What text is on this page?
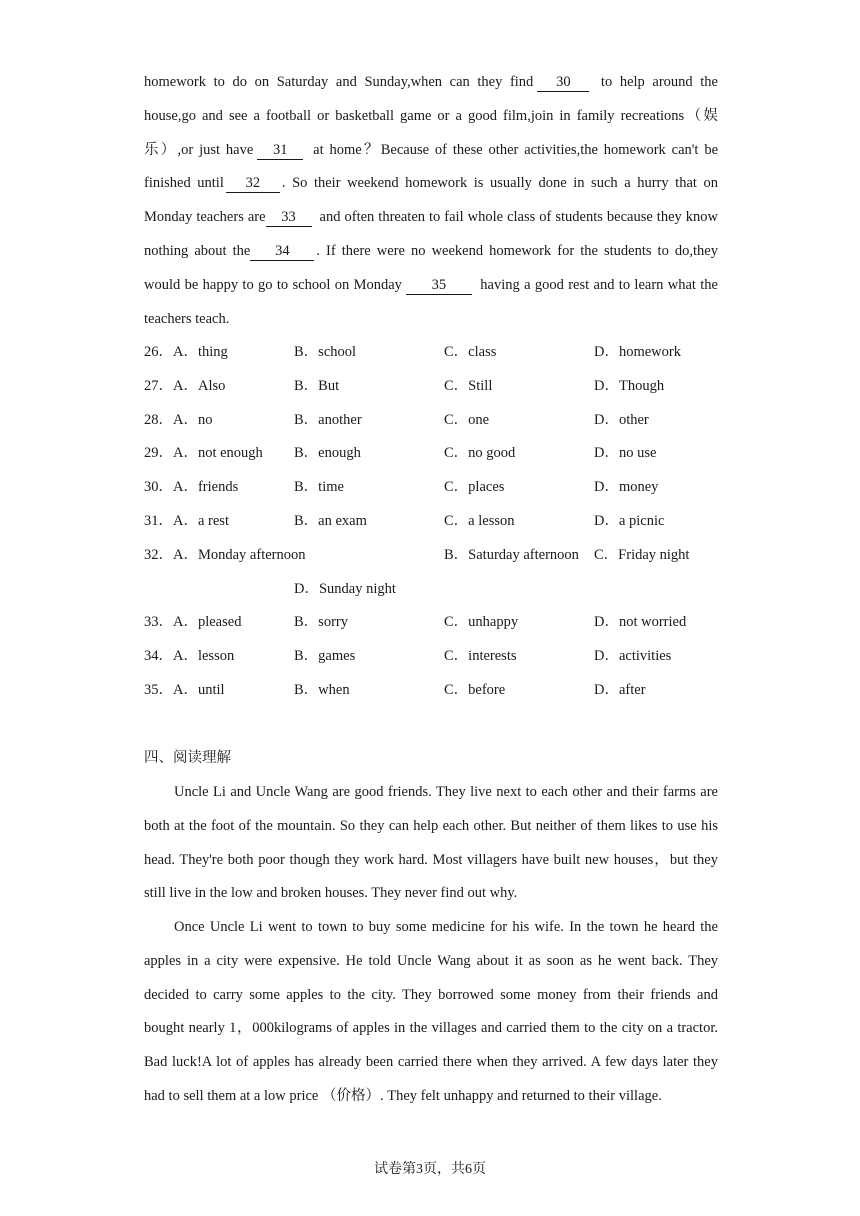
homework to do on Saturday and Sunday,when can they find 30 to help around the house,go and see a football or basketball game or a good film,join in family recreations（娱乐）,or just have 31 at home？Because of these other activities,the homework can't be finished until 32 . So their weekend homework is usually done in such a hurry that on Monday teachers are 33 and often threaten to fail whole class of students because they know nothing about the 34 . If there were no weekend homework for the students to do,they would be happy to go to school on Monday 35 having a good rest and to learn what the teachers teach.

26．A．thing	B．school	C．class	D．homework
27．A．Also	B．But	C．Still	D．Though
28．A．no	B．another	C．one	D．other
29．A．not enough B．enough	C．no good	D．no use
30．A．friends	B．time	C．places	D．money
31．A．a rest	B．an exam	C．a lesson	D．a picnic
32．A．Monday afternoon	B．Saturday afternoon C．Friday night
D．Sunday night
33．A．pleased	B．sorry	C．unhappy	D．not worried
34．A．lesson	B．games	C．interests	D．activities
35．A．until	B．when	C．before	D．after
四、阅读理解

Uncle Li and Uncle Wang are good friends. They live next to each other and their farms are both at the foot of the mountain. So they can help each other. But neither of them likes to use his head. They're both poor though they work hard. Most villagers have built new houses，but they still live in the low and broken houses. They never find out why.

Once Uncle Li went to town to buy some medicine for his wife. In the town he heard the apples in a city were expensive. He told Uncle Wang about it as soon as he went back. They decided to carry some apples to the city. They borrowed some money from their friends and bought nearly 1，000kilograms of apples in the villages and carried them to the city on a tractor. Bad luck!A lot of apples has already been carried there when they arrived. A few days later they had to sell them at a low price （价格）. They felt unhappy and returned to their village.

试卷第3页，共6页
